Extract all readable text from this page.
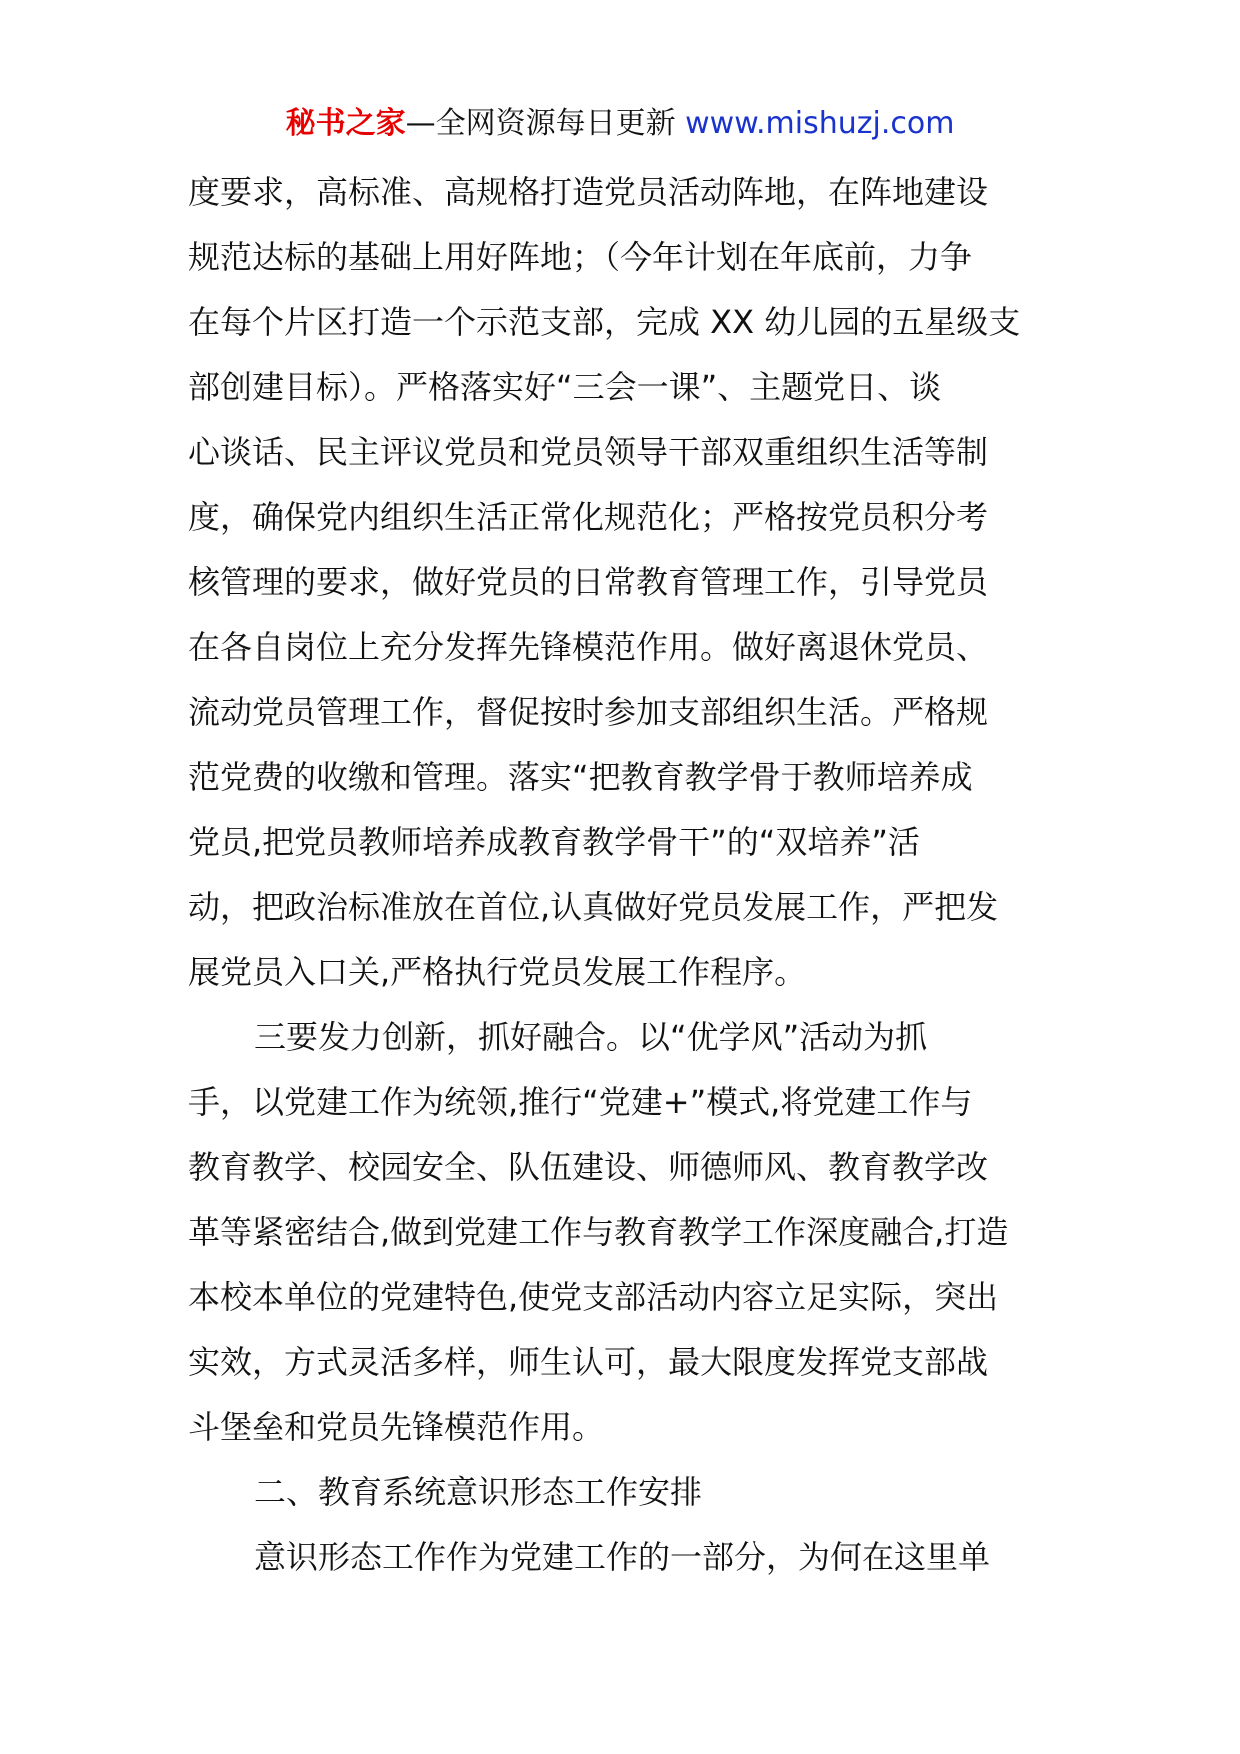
秘书之家—全网资源每日更新 www.mishuzj.com
度要求，高标准、高规格打造党员活动阵地，在阵地建设
规范达标的基础上用好阵地；（今年计划在年底前，力争
在每个片区打造一个示范支部，完成 XX 幼儿园的五星级支
部创建目标）。严格落实好“三会一课”、主题党日、谈
心谈话、民主评议党员和党员领导干部双重组织生活等制
度，确保党内组织生活正常化规范化；严格按党员积分考
核管理的要求，做好党员的日常教育管理工作，引导党员
在各自岗位上充分发挥先锋模范作用。做好离退休党员、
流动党员管理工作，督促按时参加支部组织生活。严格规
范党费的收缴和管理。落实“把教育教学骨于教师培养成
党员,把党员教师培养成教育教学骨干”的“双培养”活
动，把政治标准放在首位,认真做好党员发展工作，严把发
展党员入口关,严格执行党员发展工作程序。
三要发力创新，抓好融合。以“优学风”活动为抓
手，以党建工作为统领,推行“党建+”模式,将党建工作与
教育教学、校园安全、队伍建设、师德师风、教育教学改
革等紧密结合,做到党建工作与教育教学工作深度融合,打造
本校本单位的党建特色,使党支部活动内容立足实际，突出
实效，方式灵活多样，师生认可，最大限度发挥党支部战
斗堡垒和党员先锋模范作用。
二、教育系统意识形态工作安排
意识形态工作作为党建工作的一部分，为何在这里单
